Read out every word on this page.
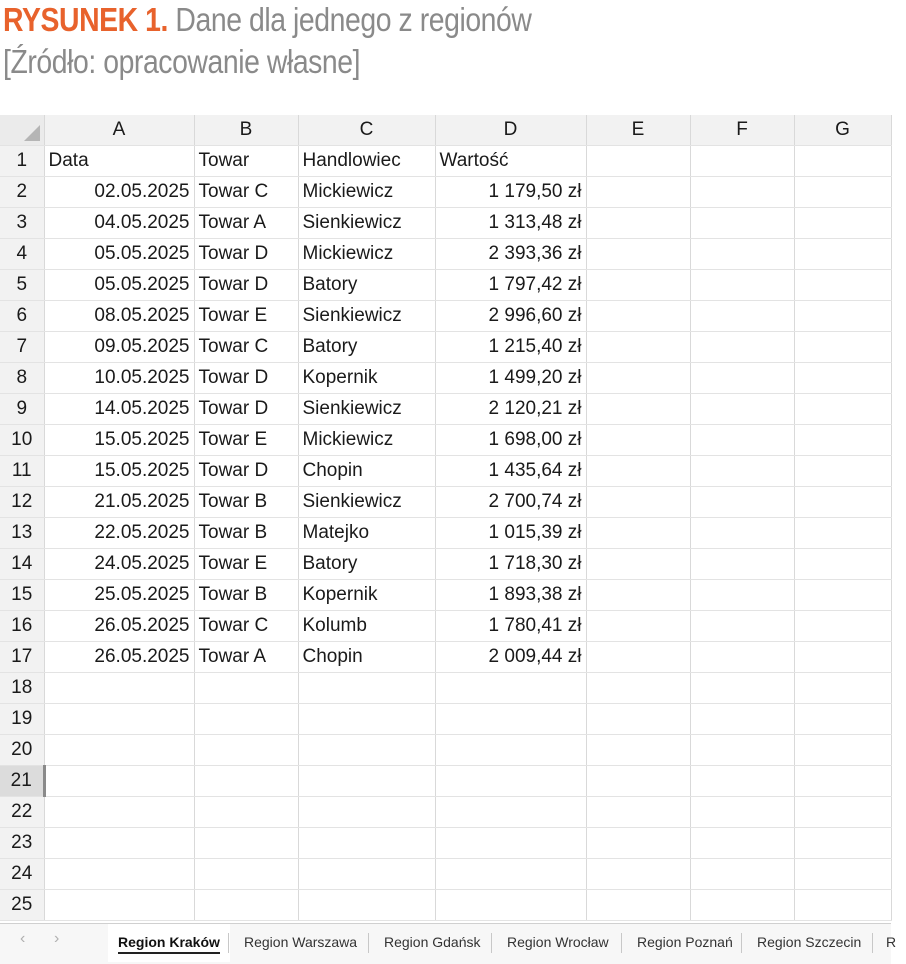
RYSUNEK 1. Dane dla jednego z regionów
[Źródło: opracowanie własne]
	A	B	C	D	E	F	G
1	Data	Towar	Handlowiec	Wartość			
2	02.05.2025	Towar C	Mickiewicz	1 179,50 zł			
3	04.05.2025	Towar A	Sienkiewicz	1 313,48 zł			
4	05.05.2025	Towar D	Mickiewicz	2 393,36 zł			
5	05.05.2025	Towar D	Batory	1 797,42 zł			
6	08.05.2025	Towar E	Sienkiewicz	2 996,60 zł			
7	09.05.2025	Towar C	Batory	1 215,40 zł			
8	10.05.2025	Towar D	Kopernik	1 499,20 zł			
9	14.05.2025	Towar D	Sienkiewicz	2 120,21 zł			
10	15.05.2025	Towar E	Mickiewicz	1 698,00 zł			
11	15.05.2025	Towar D	Chopin	1 435,64 zł			
12	21.05.2025	Towar B	Sienkiewicz	2 700,74 zł			
13	22.05.2025	Towar B	Matejko	1 015,39 zł			
14	24.05.2025	Towar E	Batory	1 718,30 zł			
15	25.05.2025	Towar B	Kopernik	1 893,38 zł			
16	26.05.2025	Towar C	Kolumb	1 780,41 zł			
17	26.05.2025	Towar A	Chopin	2 009,44 zł			
18							
19							
20							
21							
22							
23							
24							
25							
‹ ›	Region Kraków	Region Warszawa	Region Gdańsk	Region Wrocław	Region Poznań	Region Szczecin	R
